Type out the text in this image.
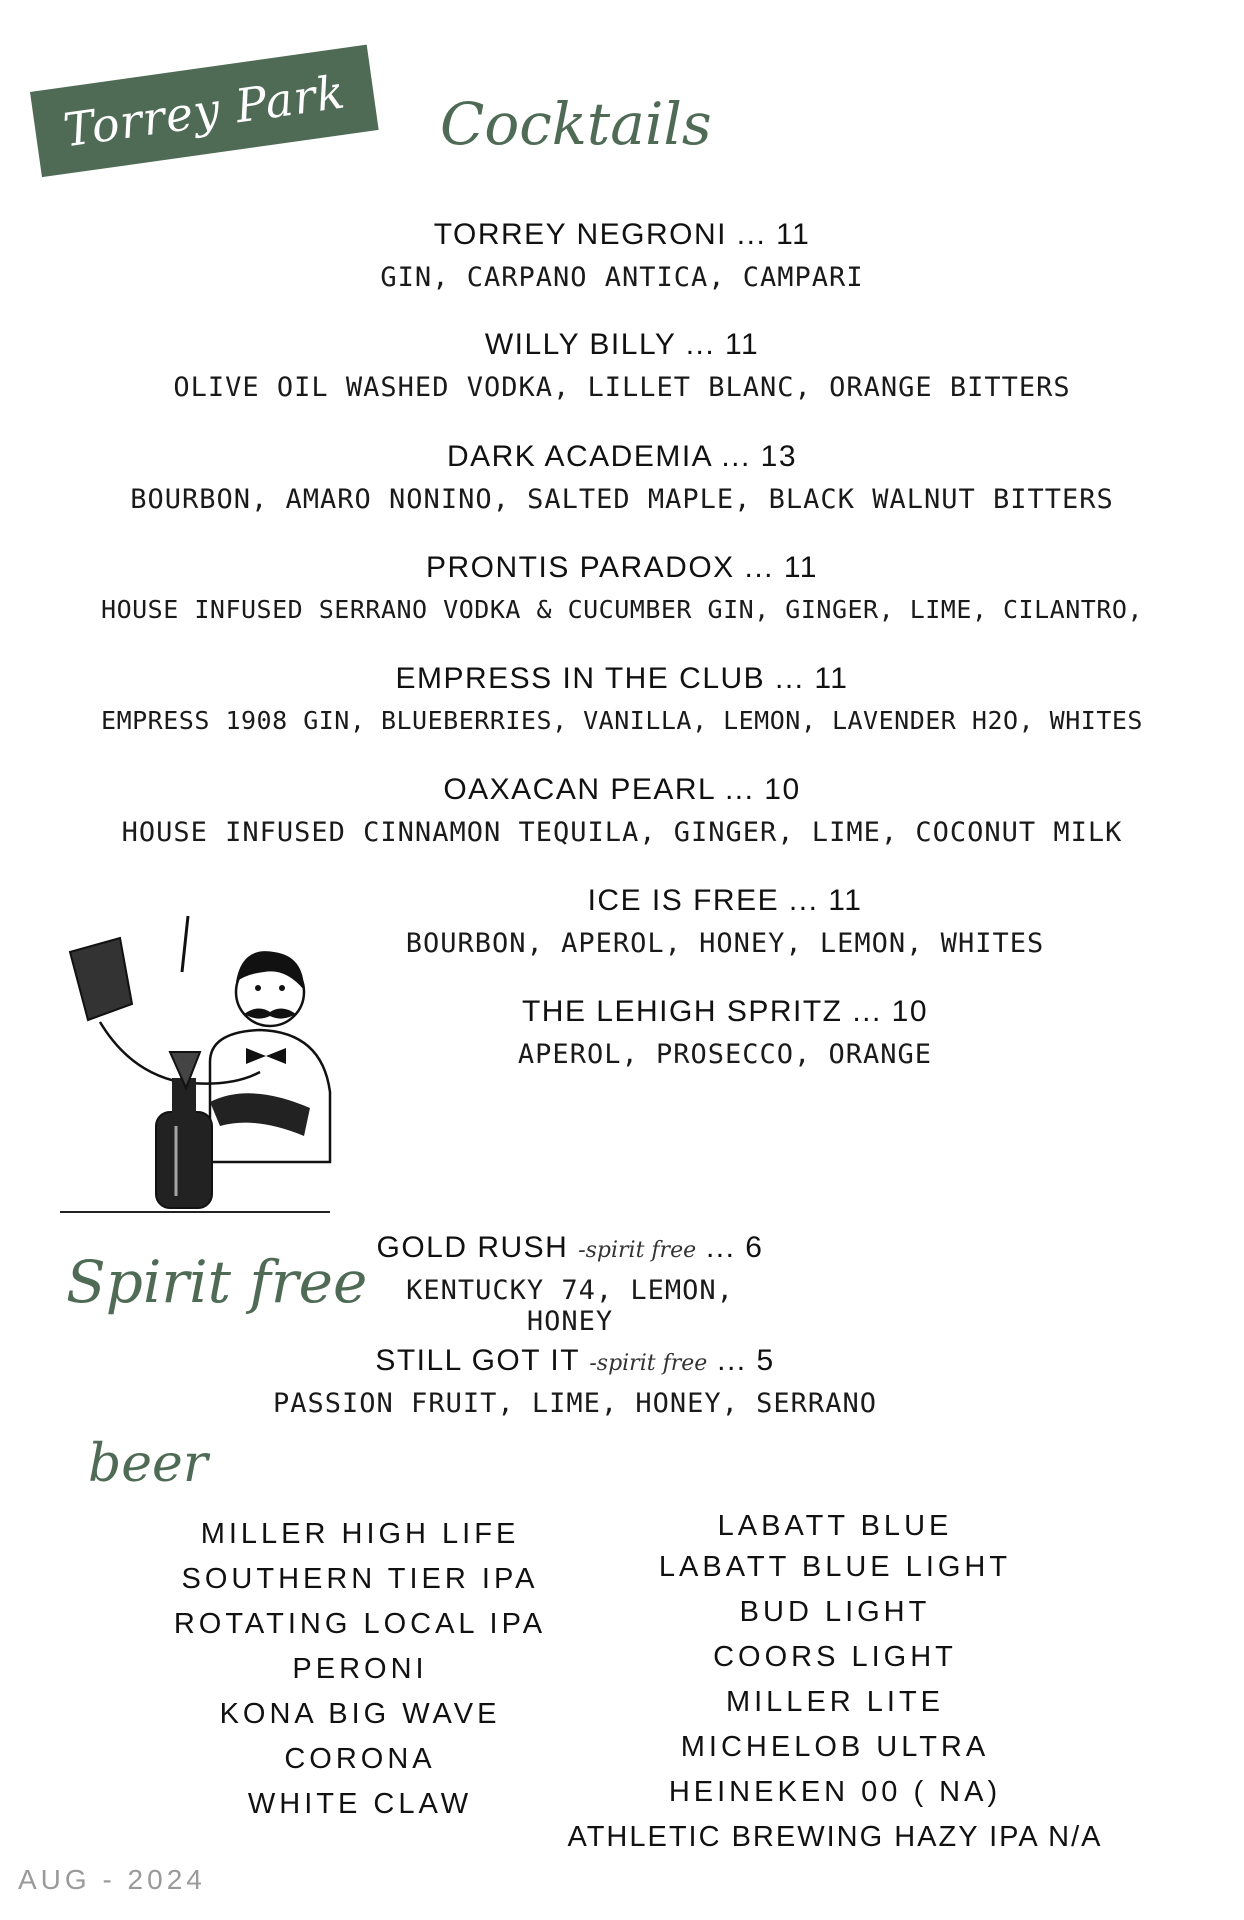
Torrey Park Cocktails
TORREY NEGRONI ... 11
GIN, CARPANO ANTICA, CAMPARI
WILLY BILLY ... 11
OLIVE OIL WASHED VODKA, LILLET BLANC, ORANGE BITTERS
DARK ACADEMIA ... 13
BOURBON, AMARO NONINO, SALTED MAPLE, BLACK WALNUT BITTERS
PRONTIS PARADOX ... 11
HOUSE INFUSED SERRANO VODKA & CUCUMBER GIN, GINGER, LIME, CILANTRO,
EMPRESS IN THE CLUB ... 11
EMPRESS 1908 GIN, BLUEBERRIES, VANILLA, LEMON, LAVENDER H2O, WHITES
OAXACAN PEARL ... 10
HOUSE INFUSED CINNAMON TEQUILA, GINGER, LIME, COCONUT MILK
ICE IS FREE ... 11
BOURBON, APEROL, HONEY, LEMON, WHITES
THE LEHIGH SPRITZ ... 10
APEROL, PROSECCO, ORANGE
Spirit free
GOLD RUSH -spirit free ... 6
KENTUCKY 74, LEMON, HONEY
STILL GOT IT -spirit free ... 5
PASSION FRUIT, LIME, HONEY, SERRANO
beer
MILLER HIGH LIFE
SOUTHERN TIER IPA
ROTATING LOCAL IPA
PERONI
KONA BIG WAVE
CORONA
WHITE CLAW
LABATT BLUE
LABATT BLUE LIGHT
BUD LIGHT
COORS LIGHT
MILLER LITE
MICHELOB ULTRA
HEINEKEN 00 ( NA)
ATHLETIC BREWING HAZY IPA N/A
AUG - 2024
